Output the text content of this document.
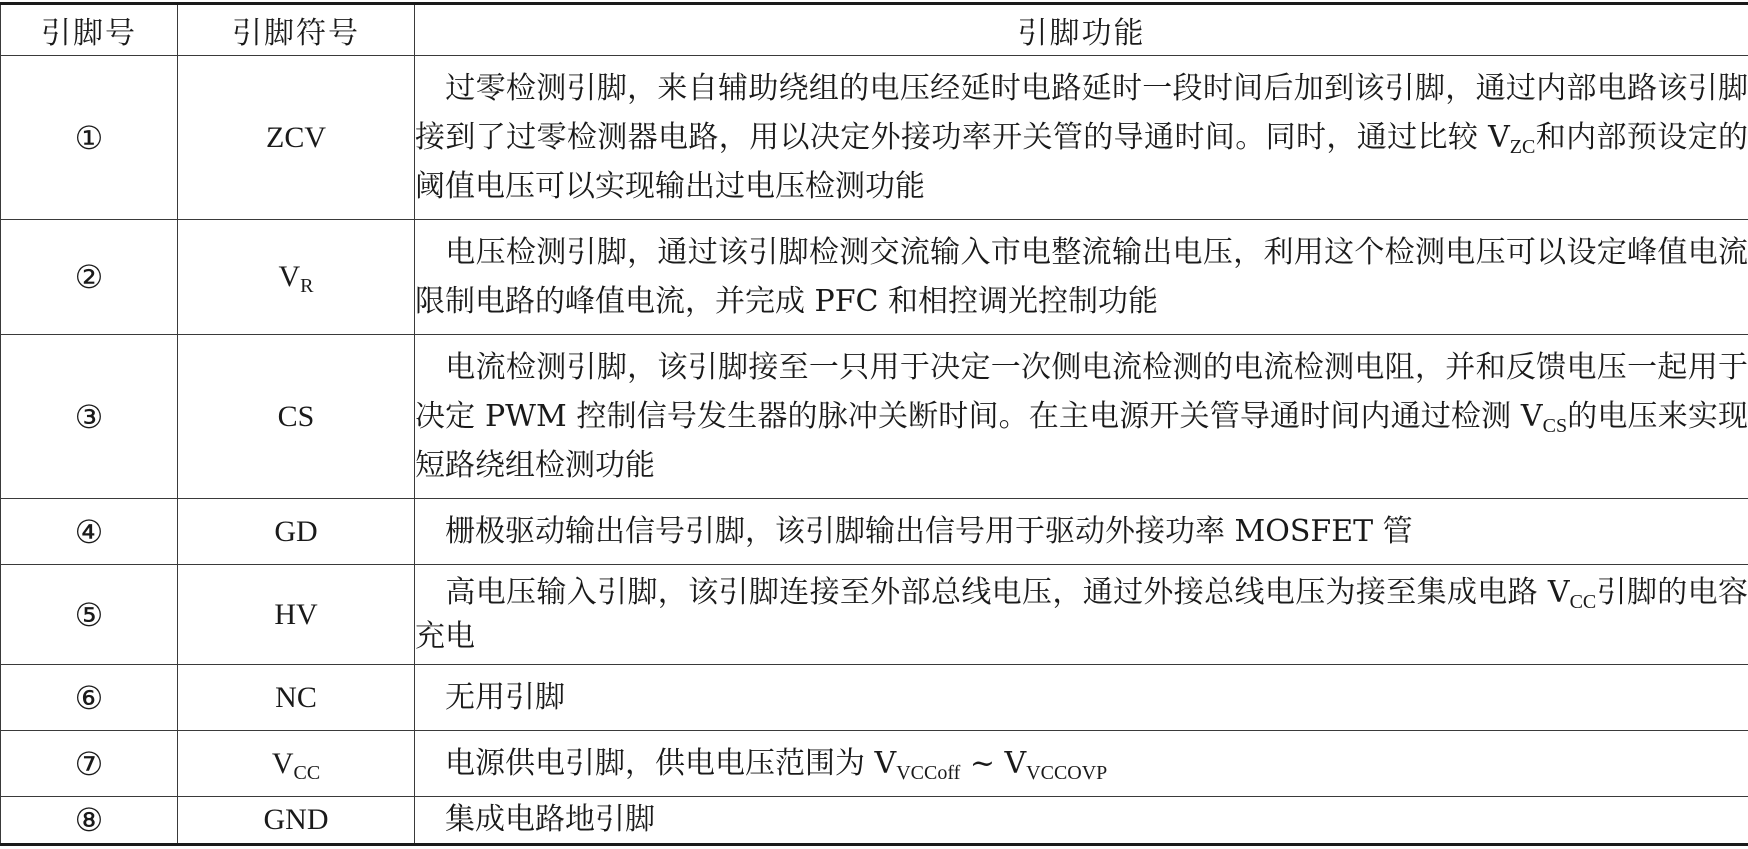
引脚号	引脚符号	引脚功能
①	ZCV	过零检测引脚，来自辅助绕组的电压经延时电路延时一段时间后加到该引脚，通过内部电路该引脚接到了过零检测器电路，用以决定外接功率开关管的导通时间。同时，通过比较 $V_{ZC}$和内部预设定的阈值电压可以实现输出过电压检测功能
②	$V_R$	电压检测引脚，通过该引脚检测交流输入市电整流输出电压，利用这个检测电压可以设定峰值电流限制电路的峰值电流，并完成 PFC 和相控调光控制功能
③	CS	电流检测引脚，该引脚接至一只用于决定一次侧电流检测的电流检测电阻，并和反馈电压一起用于决定 PWM 控制信号发生器的脉冲关断时间。在主电源开关管导通时间内通过检测 $V_{CS}$的电压来实现短路绕组检测功能
④	GD	栅极驱动输出信号引脚，该引脚输出信号用于驱动外接功率 MOSFET 管
⑤	HV	高电压输入引脚，该引脚连接至外部总线电压，通过外接总线电压为接至集成电路 $V_{CC}$引脚的电容充电
⑥	NC	无用引脚
⑦	$V_{CC}$	电源供电引脚，供电电压范围为 $V_{VCCoff}$ ~ $V_{VCCOVP}$
⑧	GND	集成电路地引脚
